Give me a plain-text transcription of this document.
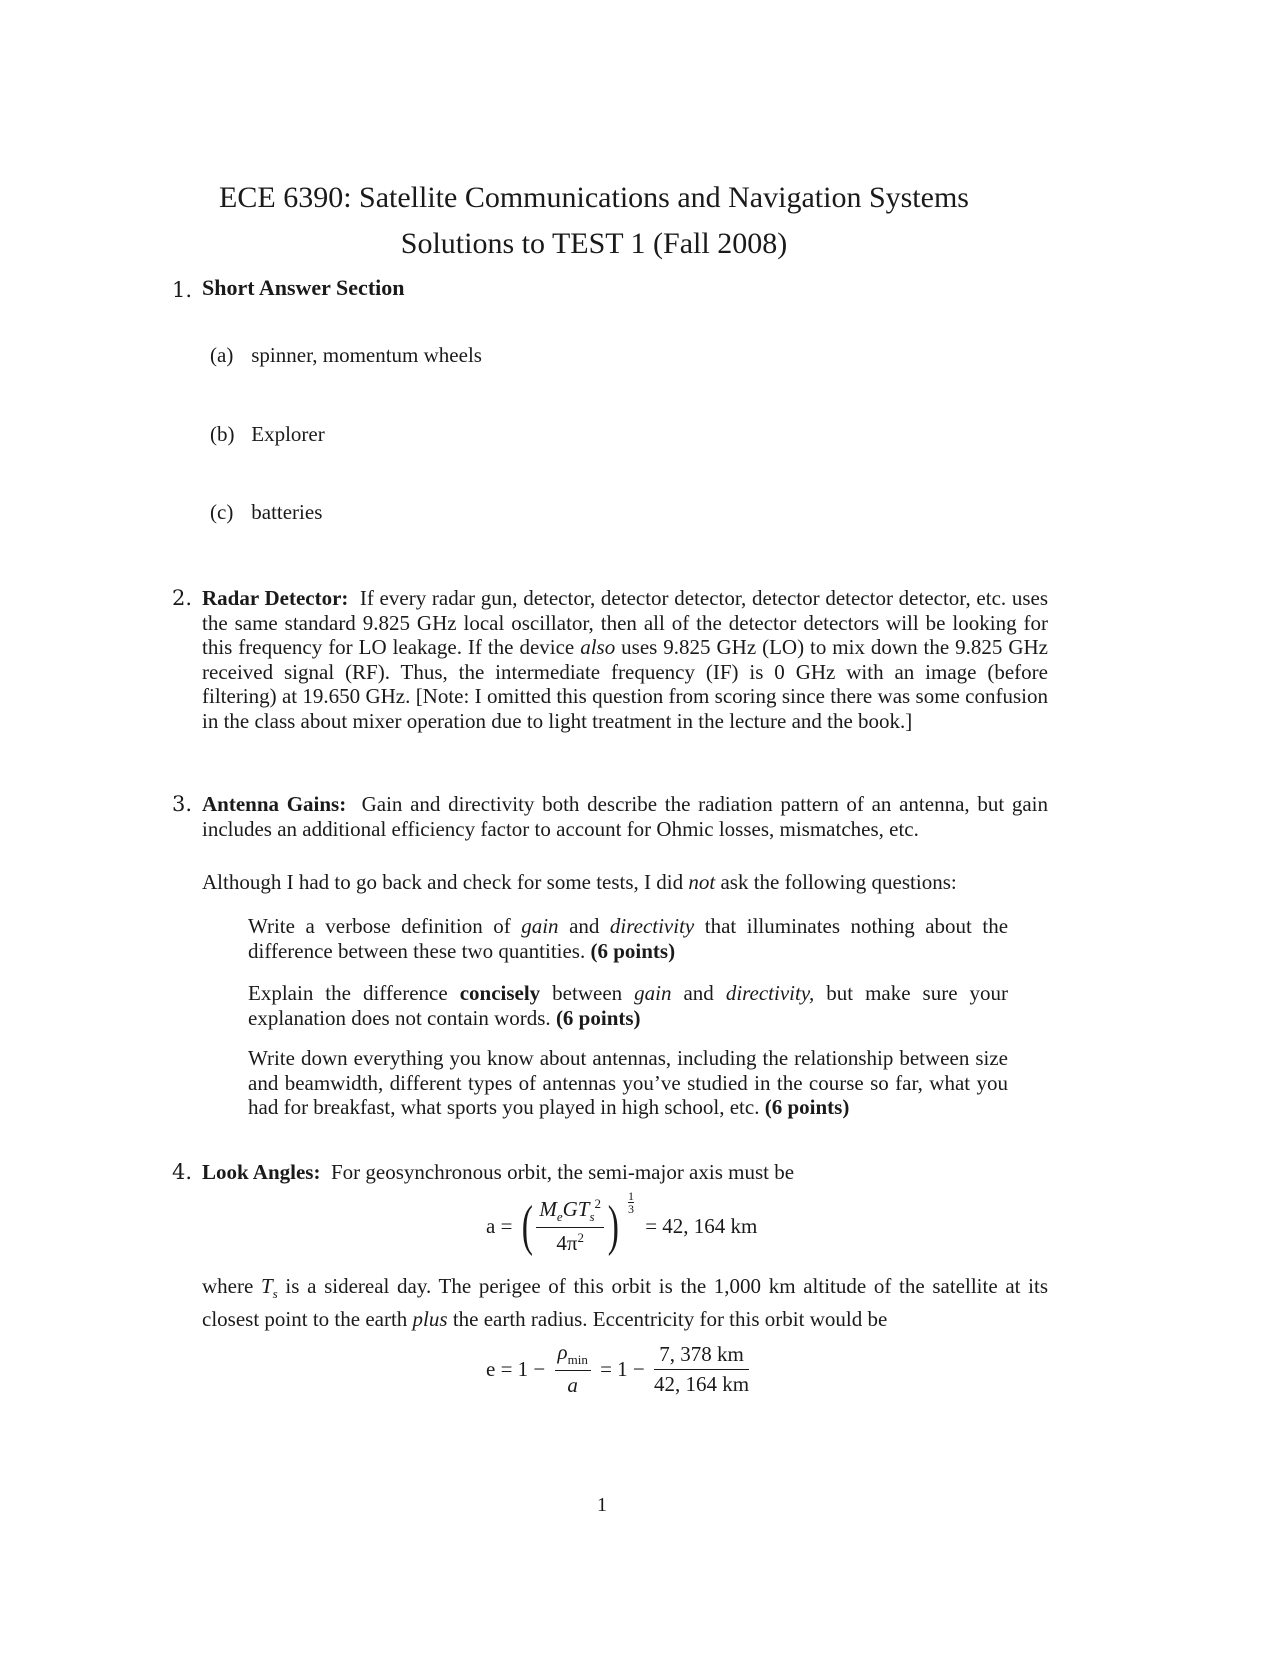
ECE 6390: Satellite Communications and Navigation Systems
Solutions to TEST 1 (Fall 2008)
1. Short Answer Section
(a) spinner, momentum wheels
(b) Explorer
(c) batteries
2. Radar Detector: If every radar gun, detector, detector detector, detector detector detector, etc. uses the same standard 9.825 GHz local oscillator, then all of the detector detectors will be looking for this frequency for LO leakage. If the device also uses 9.825 GHz (LO) to mix down the 9.825 GHz received signal (RF). Thus, the intermediate frequency (IF) is 0 GHz with an image (before filtering) at 19.650 GHz. [Note: I omitted this question from scoring since there was some confusion in the class about mixer operation due to light treatment in the lecture and the book.]
3. Antenna Gains: Gain and directivity both describe the radiation pattern of an antenna, but gain includes an additional efficiency factor to account for Ohmic losses, mismatches, etc.
Although I had to go back and check for some tests, I did not ask the following questions:
Write a verbose definition of gain and directivity that illuminates nothing about the difference between these two quantities. (6 points)
Explain the difference concisely between gain and directivity, but make sure your explanation does not contain words. (6 points)
Write down everything you know about antennas, including the relationship between size and beamwidth, different types of antennas you’ve studied in the course so far, what you had for breakfast, what sports you played in high school, etc. (6 points)
4. Look Angles: For geosynchronous orbit, the semi-major axis must be
a = ( $\frac{M_eGT_s^2}{4\pi^2}$ ) $\frac{1}{3}$
= 42, 164 km
where $T_s$ is a sidereal day. The perigee of this orbit is the 1,000 km altitude of the satellite at its closest point to the earth plus the earth radius. Eccentricity for this orbit would be
$e = 1 - \frac{\rho_{min}}{a} = 1 - \frac{7, 378 km}{42, 164 km}$
1
